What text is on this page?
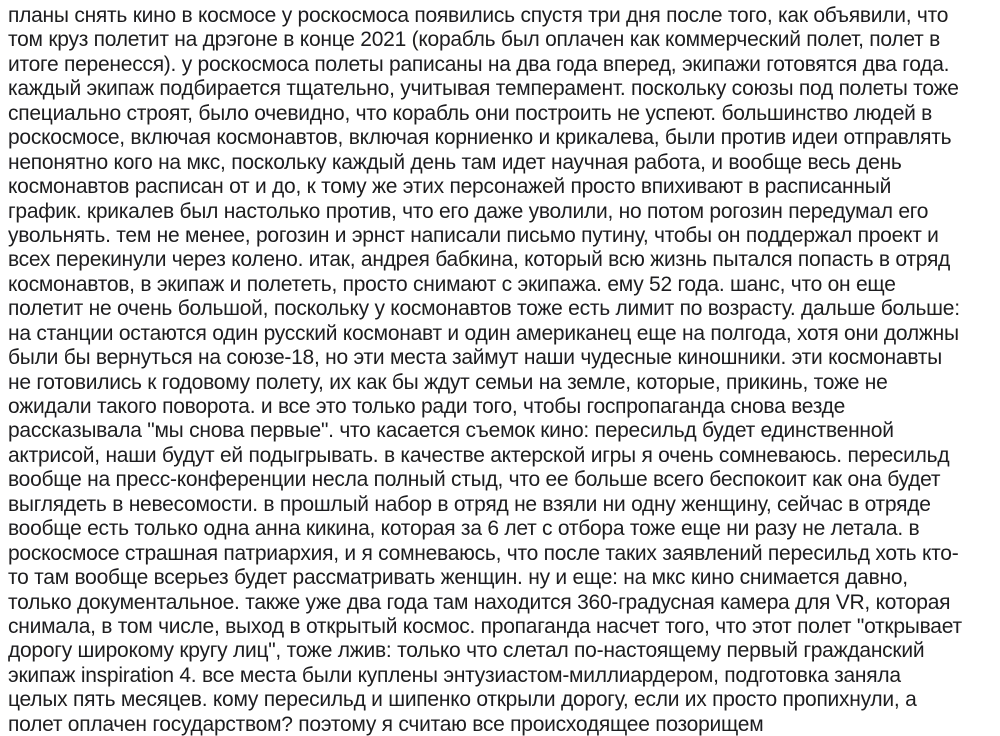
планы снять кино в космосе у роскосмоса появились спустя три дня после того, как объявили, что
том круз полетит на дрэгоне в конце 2021 (корабль был оплачен как коммерческий полет, полет в
итоге перенесся). у роскосмоса полеты раписаны на два года вперед, экипажи готовятся два года.
каждый экипаж подбирается тщательно, учитывая темперамент. поскольку союзы под полеты тоже
специально строят, было очевидно, что корабль они построить не успеют. большинство людей в
роскосмосе, включая космонавтов, включая корниенко и крикалева, были против идеи отправлять
непонятно кого на мкс, поскольку каждый день там идет научная работа, и вообще весь день
космонавтов расписан от и до, к тому же этих персонажей просто впихивают в расписанный
график. крикалев был настолько против, что его даже уволили, но потом рогозин передумал его
увольнять. тем не менее, рогозин и эрнст написали письмо путину, чтобы он поддержал проект и
всех перекинули через колено. итак, андрея бабкина, который всю жизнь пытался попасть в отряд
космонавтов, в экипаж и полететь, просто снимают с экипажа. ему 52 года. шанс, что он еще
полетит не очень большой, поскольку у космонавтов тоже есть лимит по возрасту. дальше больше:
на станции остаются один русский космонавт и один американец еще на полгода, хотя они должны
были бы вернуться на союзе-18, но эти места займут наши чудесные киношники. эти космонавты
не готовились к годовому полету, их как бы ждут семьи на земле, которые, прикинь, тоже не
ожидали такого поворота. и все это только ради того, чтобы госпропаганда снова везде
рассказывала "мы снова первые". что касается съемок кино: пересильд будет единственной
актрисой, наши будут ей подыгрывать. в качестве актерской игры я очень сомневаюсь. пересильд
вообще на пресс-конференции несла полный стыд, что ее больше всего беспокоит как она будет
выглядеть в невесомости. в прошлый набор в отряд не взяли ни одну женщину, сейчас в отряде
вообще есть только одна анна кикина, которая за 6 лет с отбора тоже еще ни разу не летала. в
роскосмосе страшная патриархия, и я сомневаюсь, что после таких заявлений пересильд хоть кто-
то там вообще всерьез будет рассматривать женщин. ну и еще: на мкс кино снимается давно,
только документальное. также уже два года там находится 360-градусная камера для VR, которая
снимала, в том числе, выход в открытый космос. пропаганда насчет того, что этот полет "открывает
дорогу широкому кругу лиц", тоже лжив: только что слетал по-настоящему первый гражданский
экипаж inspiration 4. все места были куплены энтузиастом-миллиардером, подготовка заняла
целых пять месяцев. кому пересильд и шипенко открыли дорогу, если их просто пропихнули, а
полет оплачен государством? поэтому я считаю все происходящее позорищем
